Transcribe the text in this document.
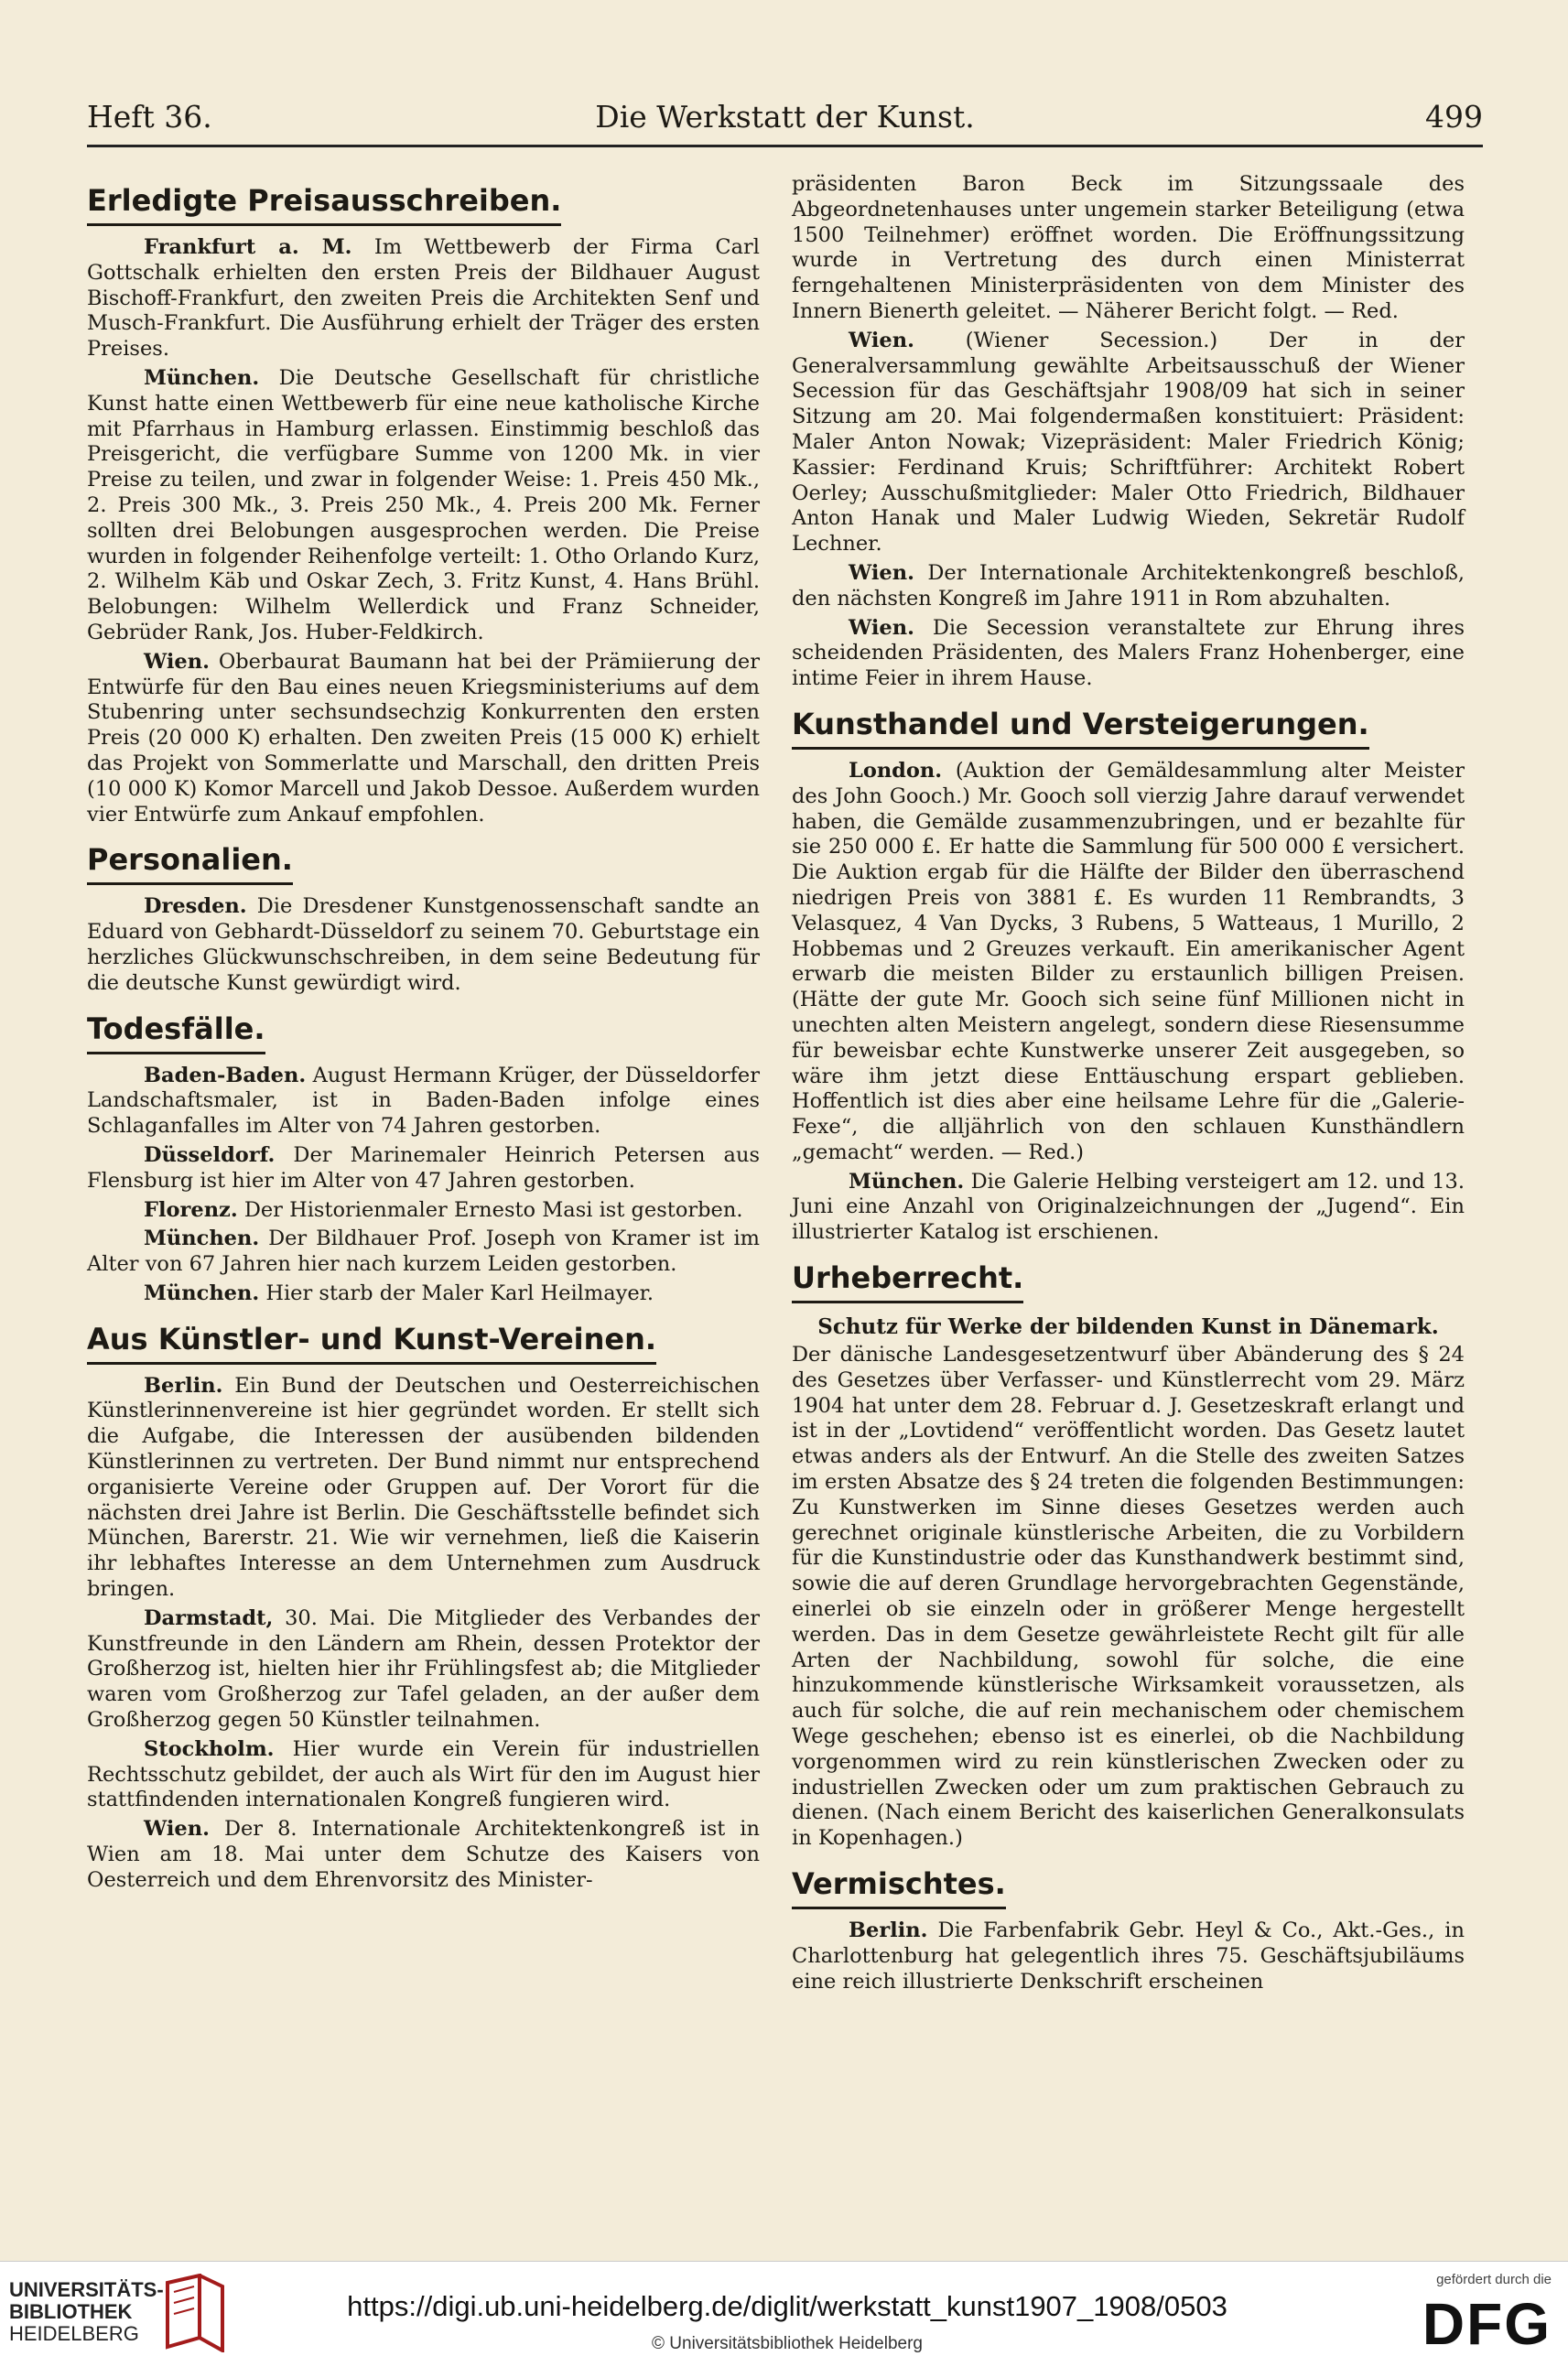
Heft 36.	Die Werkstatt der Kunst.	499
Erledigte Preisausschreiben.

Frankfurt a. M. Im Wettbewerb der Firma Carl Gottschalk erhielten den ersten Preis der Bildhauer August Bischoff-Frankfurt, den zweiten Preis die Architekten Senf und Musch-Frankfurt. Die Ausführung erhielt der Träger des ersten Preises.

München. Die Deutsche Gesellschaft für christliche Kunst hatte einen Wettbewerb für eine neue katholische Kirche mit Pfarrhaus in Hamburg erlassen. Einstimmig beschloß das Preisgericht, die verfügbare Summe von 1200 Mk. in vier Preise zu teilen, und zwar in folgender Weise: 1. Preis 450 Mk., 2. Preis 300 Mk., 3. Preis 250 Mk., 4. Preis 200 Mk. Ferner sollten drei Belobungen ausgesprochen werden. Die Preise wurden in folgender Reihenfolge verteilt: 1. Otho Orlando Kurz, 2. Wilhelm Käb und Oskar Zech, 3. Fritz Kunst, 4. Hans Brühl. Belobungen: Wilhelm Wellerdick und Franz Schneider, Gebrüder Rank, Jos. Huber-Feldkirch.

Wien. Oberbaurat Baumann hat bei der Prämiierung der Entwürfe für den Bau eines neuen Kriegsministeriums auf dem Stubenring unter sechsundsechzig Konkurrenten den ersten Preis (20 000 K) erhalten. Den zweiten Preis (15 000 K) erhielt das Projekt von Sommerlatte und Marschall, den dritten Preis (10 000 K) Komor Marcell und Jakob Dessoe. Außerdem wurden vier Entwürfe zum Ankauf empfohlen.

Personalien.

Dresden. Die Dresdener Kunstgenossenschaft sandte an Eduard von Gebhardt-Düsseldorf zu seinem 70. Geburtstage ein herzliches Glückwunschschreiben, in dem seine Bedeutung für die deutsche Kunst gewürdigt wird.

Todesfälle.

Baden-Baden. August Hermann Krüger, der Düsseldorfer Landschaftsmaler, ist in Baden-Baden infolge eines Schlaganfalles im Alter von 74 Jahren gestorben.

Düsseldorf. Der Marinemaler Heinrich Petersen aus Flensburg ist hier im Alter von 47 Jahren gestorben.

Florenz. Der Historienmaler Ernesto Masi ist gestorben.

München. Der Bildhauer Prof. Joseph von Kramer ist im Alter von 67 Jahren hier nach kurzem Leiden gestorben.

München. Hier starb der Maler Karl Heilmayer.

Aus Künstler- und Kunst-Vereinen.

Berlin. Ein Bund der Deutschen und Oesterreichischen Künstlerinnenvereine ist hier gegründet worden. Er stellt sich die Aufgabe, die Interessen der ausübenden bildenden Künstlerinnen zu vertreten. Der Bund nimmt nur entsprechend organisierte Vereine oder Gruppen auf. Der Vorort für die nächsten drei Jahre ist Berlin. Die Geschäftsstelle befindet sich München, Barerstr. 21. Wie wir vernehmen, ließ die Kaiserin ihr lebhaftes Interesse an dem Unternehmen zum Ausdruck bringen.

Darmstadt, 30. Mai. Die Mitglieder des Verbandes der Kunstfreunde in den Ländern am Rhein, dessen Protektor der Großherzog ist, hielten hier ihr Frühlingsfest ab; die Mitglieder waren vom Großherzog zur Tafel geladen, an der außer dem Großherzog gegen 50 Künstler teilnahmen.

Stockholm. Hier wurde ein Verein für industriellen Rechtsschutz gebildet, der auch als Wirt für den im August hier stattfindenden internationalen Kongreß fungieren wird.

Wien. Der 8. Internationale Architektenkongreß ist in Wien am 18. Mai unter dem Schutze des Kaisers von Oesterreich und dem Ehrenvorsitz des Minister-

präsidenten Baron Beck im Sitzungssaale des Abgeordnetenhauses unter ungemein starker Beteiligung (etwa 1500 Teilnehmer) eröffnet worden. Die Eröffnungssitzung wurde in Vertretung des durch einen Ministerrat ferngehaltenen Ministerpräsidenten von dem Minister des Innern Bienerth geleitet. — Näherer Bericht folgt. — Red.

Wien. (Wiener Secession.) Der in der Generalversammlung gewählte Arbeitsausschuß der Wiener Secession für das Geschäftsjahr 1908/09 hat sich in seiner Sitzung am 20. Mai folgendermaßen konstituiert: Präsident: Maler Anton Nowak; Vizepräsident: Maler Friedrich König; Kassier: Ferdinand Kruis; Schriftführer: Architekt Robert Oerley; Ausschußmitglieder: Maler Otto Friedrich, Bildhauer Anton Hanak und Maler Ludwig Wieden, Sekretär Rudolf Lechner.

Wien. Der Internationale Architektenkongreß beschloß, den nächsten Kongreß im Jahre 1911 in Rom abzuhalten.

Wien. Die Secession veranstaltete zur Ehrung ihres scheidenden Präsidenten, des Malers Franz Hohenberger, eine intime Feier in ihrem Hause.

Kunsthandel und Versteigerungen.

London. (Auktion der Gemäldesammlung alter Meister des John Gooch.) Mr. Gooch soll vierzig Jahre darauf verwendet haben, die Gemälde zusammenzubringen, und er bezahlte für sie 250 000 £. Er hatte die Sammlung für 500 000 £ versichert. Die Auktion ergab für die Hälfte der Bilder den überraschend niedrigen Preis von 3881 £. Es wurden 11 Rembrandts, 3 Velasquez, 4 Van Dycks, 3 Rubens, 5 Watteaus, 1 Murillo, 2 Hobbemas und 2 Greuzes verkauft. Ein amerikanischer Agent erwarb die meisten Bilder zu erstaunlich billigen Preisen. (Hätte der gute Mr. Gooch sich seine fünf Millionen nicht in unechten alten Meistern angelegt, sondern diese Riesensumme für beweisbar echte Kunstwerke unserer Zeit ausgegeben, so wäre ihm jetzt diese Enttäuschung erspart geblieben. Hoffentlich ist dies aber eine heilsame Lehre für die „Galerie-Fexe“, die alljährlich von den schlauen Kunsthändlern „gemacht“ werden. — Red.)

München. Die Galerie Helbing versteigert am 12. und 13. Juni eine Anzahl von Originalzeichnungen der „Jugend“. Ein illustrierter Katalog ist erschienen.

Urheberrecht.
Schutz für Werke der bildenden Kunst in Dänemark.

Der dänische Landesgesetzentwurf über Abänderung des § 24 des Gesetzes über Verfasser- und Künstlerrecht vom 29. März 1904 hat unter dem 28. Februar d. J. Gesetzeskraft erlangt und ist in der „Lovtidend“ veröffentlicht worden. Das Gesetz lautet etwas anders als der Entwurf. An die Stelle des zweiten Satzes im ersten Absatze des § 24 treten die folgenden Bestimmungen: Zu Kunstwerken im Sinne dieses Gesetzes werden auch gerechnet originale künstlerische Arbeiten, die zu Vorbildern für die Kunstindustrie oder das Kunsthandwerk bestimmt sind, sowie die auf deren Grundlage hervorgebrachten Gegenstände, einerlei ob sie einzeln oder in größerer Menge hergestellt werden. Das in dem Gesetze gewährleistete Recht gilt für alle Arten der Nachbildung, sowohl für solche, die eine hinzukommende künstlerische Wirksamkeit voraussetzen, als auch für solche, die auf rein mechanischem oder chemischem Wege geschehen; ebenso ist es einerlei, ob die Nachbildung vorgenommen wird zu rein künstlerischen Zwecken oder zu industriellen Zwecken oder um zum praktischen Gebrauch zu dienen. (Nach einem Bericht des kaiserlichen Generalkonsulats in Kopenhagen.)

Vermischtes.

Berlin. Die Farbenfabrik Gebr. Heyl & Co., Akt.-Ges., in Charlottenburg hat gelegentlich ihres 75. Geschäftsjubiläums eine reich illustrierte Denkschrift erscheinen

UNIVERSITÄTS-
BIBLIOTHEK
HEIDELBERG
https://digi.ub.uni-heidelberg.de/diglit/werkstatt_kunst1907_1908/0503
© Universitätsbibliothek Heidelberg
gefördert durch die
DFG
